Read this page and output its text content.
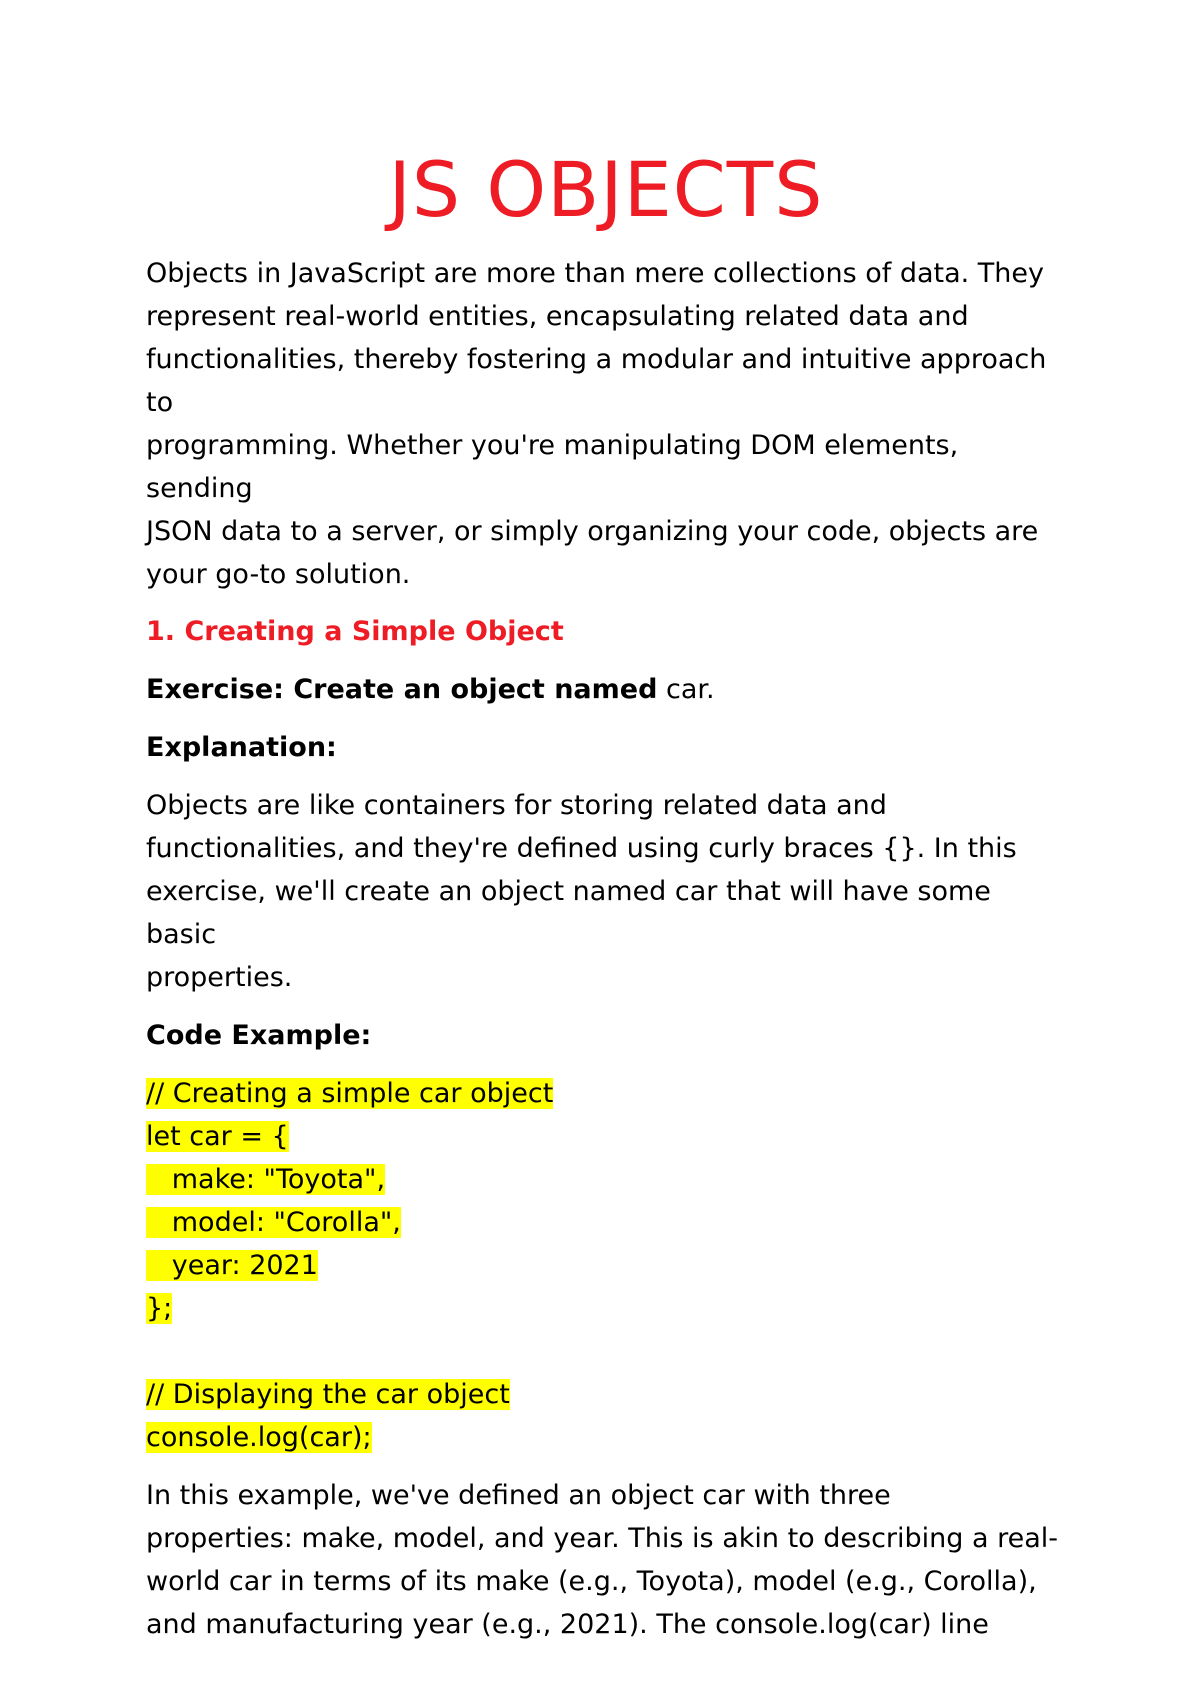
JS OBJECTS

Objects in JavaScript are more than mere collections of data. They

represent real-world entities, encapsulating related data and

functionalities, thereby fostering a modular and intuitive approach to

programming. Whether you're manipulating DOM elements, sending

JSON data to a server, or simply organizing your code, objects are

your go-to solution.

1. Creating a Simple Object

Exercise: Create an object named car.

Explanation:

Objects are like containers for storing related data and

functionalities, and they're defined using curly braces {}. In this

exercise, we'll create an object named car that will have some basic

properties.

Code Example:

// Creating a simple car object
let car = {
make: "Toyota",
model: "Corolla",
year: 2021
};
// Displaying the car object
console.log(car);

In this example, we've defined an object car with three

properties: make, model, and year. This is akin to describing a real-

world car in terms of its make (e.g., Toyota), model (e.g., Corolla),

and manufacturing year (e.g., 2021). The console.log(car) line
